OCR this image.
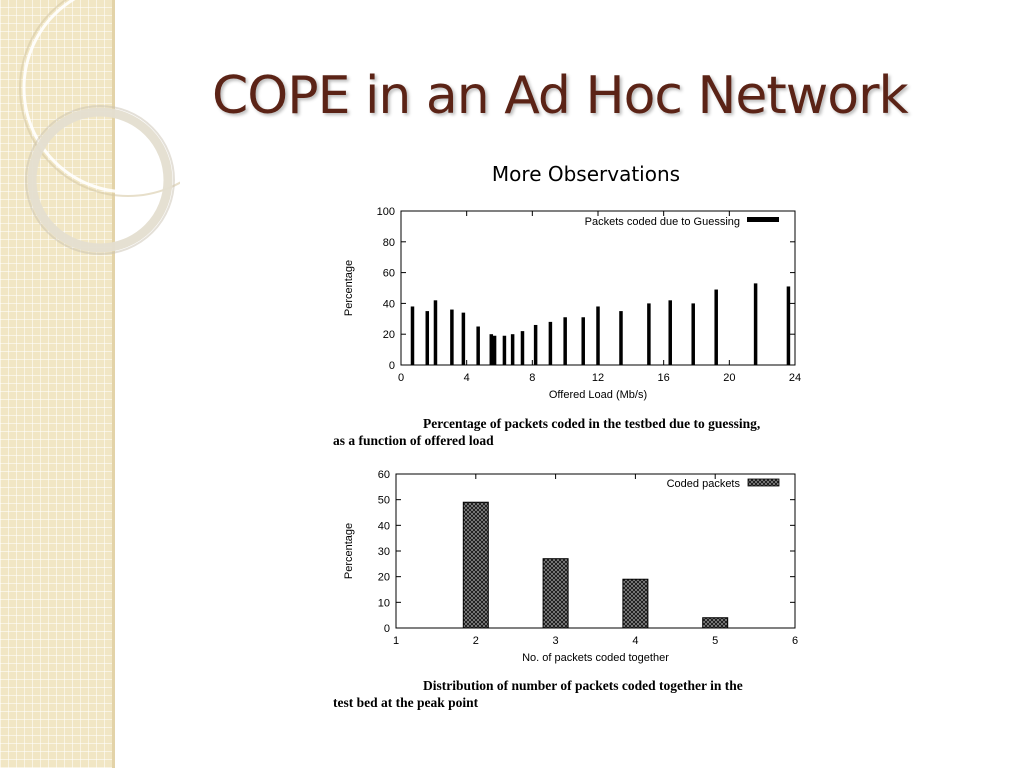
COPE in an Ad Hoc Network
More Observations
0
20
40
60
80
100
0	4	8	12	16	20	24
Offered Load (Mb/s)
Percentage
Packets coded due to Guessing

Percentage of packets coded in the testbed due to guessing,
as a function of offered load

0
10
20
30
40
50
60
1	2	3	4	5	6
No. of packets coded together
Percentage
Coded packets

Distribution of number of packets coded together in the
test bed at the peak point
